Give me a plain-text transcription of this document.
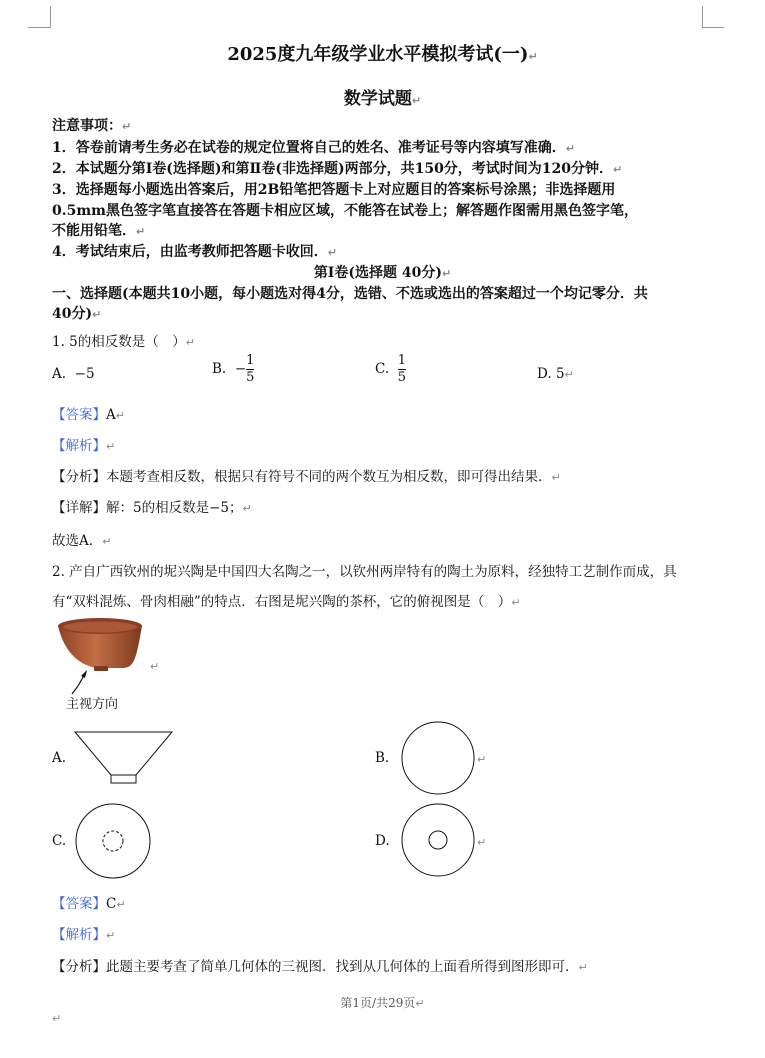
2025度九年级学业水平模拟考试(一)↵
数学试题↵
注意事项：↵
1．答卷前请考生务必在试卷的规定位置将自己的姓名、准考证号等内容填写准确．↵
2．本试题分第Ⅰ卷(选择题)和第Ⅱ卷(非选择题)两部分，共150分，考试时间为120分钟．↵
3．选择题每小题选出答案后，用2B铅笔把答题卡上对应题目的答案标号涂黑；非选择题用
0.5mm黑色签字笔直接答在答题卡相应区域，不能答在试卷上；解答题作图需用黑色签字笔，
不能用铅笔．↵
4．考试结束后，由监考教师把答题卡收回．↵
第Ⅰ卷(选择题 40分)↵
一、选择题(本题共10小题，每小题选对得4分，选错、不选或选出的答案超过一个均记零分．共
40分)↵
1. 5的相反数是（　）↵
A. −5	B. − $\frac{1}{5}$	C. $\frac{1}{5}$	D. 5↵
【答案】A↵
【解析】↵
【分析】本题考查相反数，根据只有符号不同的两个数互为相反数，即可得出结果．↵
【详解】解：5的相反数是−5；↵
故选A．↵
2. 产自广西钦州的坭兴陶是中国四大名陶之一，以钦州两岸特有的陶土为原料，经独特工艺制作而成，具
有“双料混炼、骨肉相融”的特点．右图是坭兴陶的茶杯，它的俯视图是（　）↵
↵
主视方向
A.	B.	↵
C.	D.	↵
【答案】C↵
【解析】↵
【分析】此题主要考查了简单几何体的三视图．找到从几何体的上面看所得到图形即可．↵
第1页/共29页↵
↵
